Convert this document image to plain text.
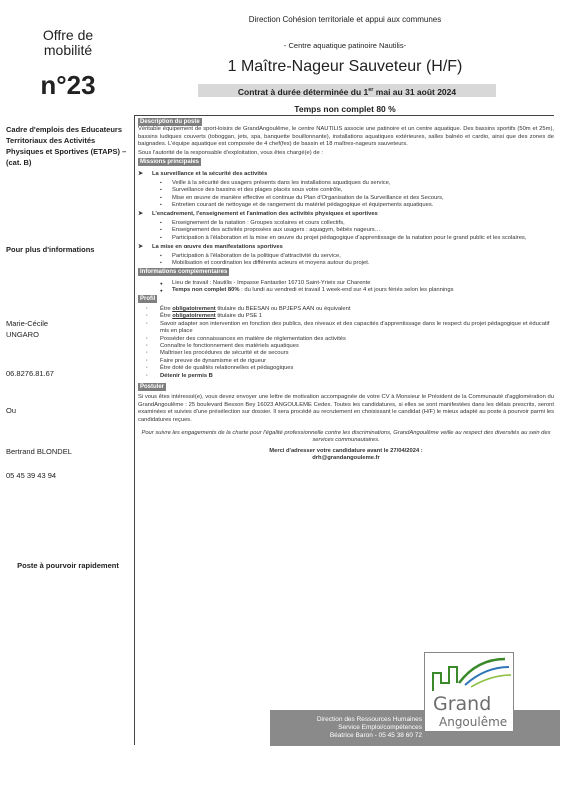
Offre de
mobilité
n°23
Direction Cohésion territoriale et appui aux communes
- Centre aquatique patinoire Nautilis-
1 Maître-Nageur Sauveteur (H/F)
Contrat à durée déterminée du 1er mai au 31 août 2024
Temps non complet 80 %
Cadre d'emplois des Educateurs Territoriaux des Activités Physiques et Sportives (ETAPS) – (cat. B)
Pour plus d'informations
Marie-Cécile
UNGARO
06.8276.81.67
Ou
Bertrand BLONDEL
05 45 39 43 94
Poste à pourvoir rapidement
Description du poste
Véritable équipement de sport-loisirs de GrandAngoulême, le centre NAUTILIS associe une patinoire et un centre aquatique. Des bassins sportifs (50m et 25m), bassins ludiques couverts (toboggan, jets, spa, banquette bouillonnante), installations aquatiques extérieures, salles balnéo et cardio, ainsi que des zones de baignades. L'équipe aquatique est composée de 4 chef(fes) de bassin et 18 maîtres-nageurs sauveteurs.
Sous l'autorité de la responsable d'exploitation, vous êtes chargé(e) de :
Missions principales
➤ La surveillance et la sécurité des activités
▪ Veille à la sécurité des usagers présents dans les installations aquatiques du service,
▪ Surveillance des bassins et des plages placés sous votre contrôle,
▪ Mise en œuvre de manière effective et continue du Plan d'Organisation de la Surveillance et des Secours,
▪ Entretien courant de nettoyage et de rangement du matériel pédagogique et équipements aquatiques.
➤ L'encadrement, l'enseignement et l'animation des activités physiques et sportives
▪ Enseignement de la natation : Groupes scolaires et cours collectifs,
▪ Enseignement des activités proposées aux usagers : aquagym, bébés nageurs…
▪ Participation à l'élaboration et la mise en œuvre du projet pédagogique d'apprentissage de la natation pour le grand public et les scolaires,
➤ La mise en œuvre des manifestations sportives
▪ Participation à l'élaboration de la politique d'attractivité du service,
▪ Mobilisation et coordination les différents acteurs et moyens autour du projet.
Informations complémentaires
● Lieu de travail : Nautilis - Impasse Fantastier 16710 Saint-Yrieix sur Charente
● Temps non complet 80% : du lundi au vendredi et travail 1 week-end sur 4 et jours fériés selon les plannings
Profil
· Être obligatoirement titulaire du BEESAN ou BPJEPS AAN ou équivalent
· Être obligatoirement titulaire du PSE 1
· Savoir adapter son intervention en fonction des publics, des niveaux et des capacités d'apprentissage dans le respect du projet pédagogique et éducatif mis en place
· Posséder des connaissances en matière de réglementation des activités
· Connaître le fonctionnement des matériels aquatiques
· Maîtriser les procédures de sécurité et de secours
· Faire preuve de dynamisme et de rigueur
· Être doté de qualités relationnelles et pédagogiques
· Détenir le permis B
Postuler
Si vous êtes intéressé(e), vous devez envoyer une lettre de motivation accompagnée de votre CV à Monsieur le Président de la Communauté d'agglomération du GrandAngoulême : 25 boulevard Besson Bey 16023 ANGOULEME Cedex. Toutes les candidatures, si elles se sont manifestées dans les délais prescrits, seront examinées et suivies d'une présélection sur dossier. Il sera procédé au recrutement en choisissant le candidat (H/F) le mieux adapté au poste à pourvoir parmi les candidatures reçues.
Pour suivre les engagements de la charte pour l'égalité professionnelle contre les discriminations, GrandAngoulême veille au respect des diversités au sein des services communautaires.
Merci d'adresser votre candidature avant le 27/04/2024 :
drh@grandangouleme.fr
Direction des Ressources Humaines
Service Emploi/compétences
Béatrice Baron - 05 45 38 60 72
Grand
Angoulême
